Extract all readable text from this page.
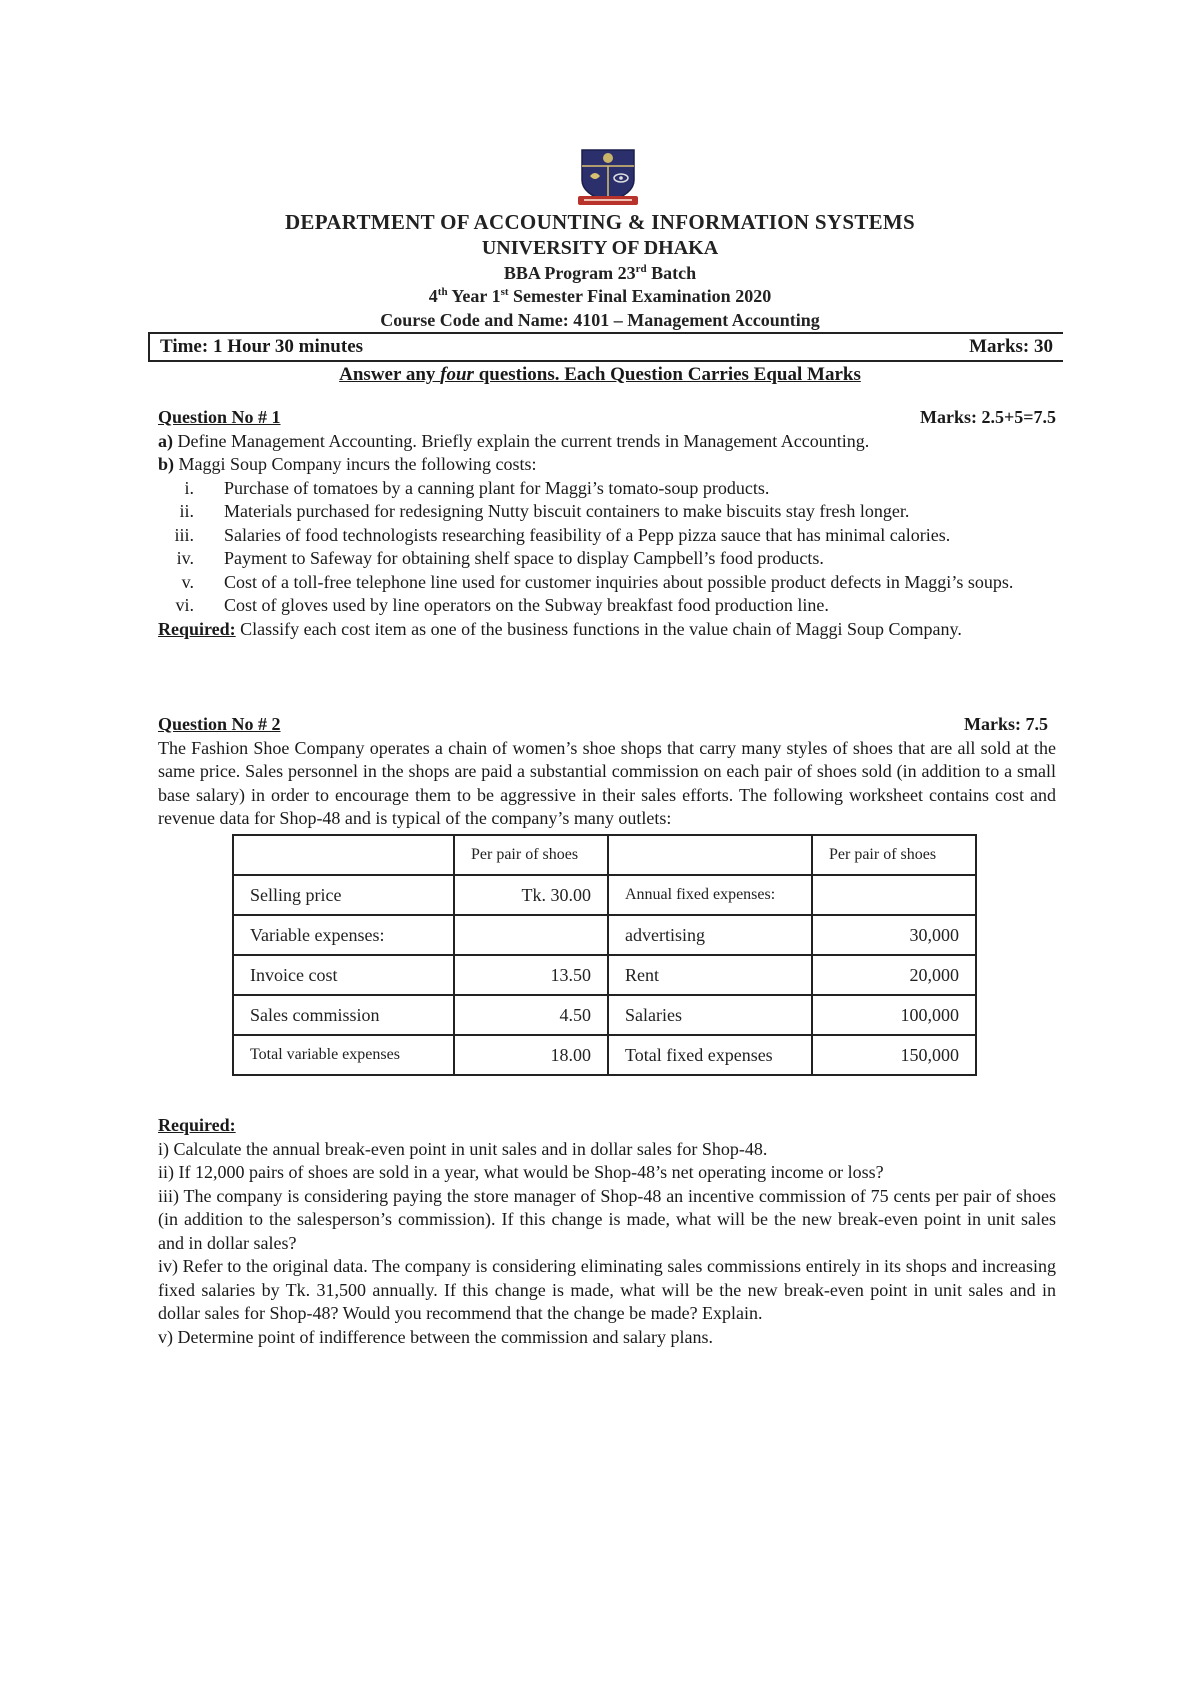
DEPARTMENT OF ACCOUNTING & INFORMATION SYSTEMS
UNIVERSITY OF DHAKA
BBA Program 23rd Batch
4th Year 1st Semester Final Examination 2020
Course Code and Name: 4101 – Management Accounting
Time: 1 Hour 30 minutes	Marks: 30
Answer any four questions. Each Question Carries Equal Marks
Question No # 1	Marks: 2.5+5=7.5
a) Define Management Accounting. Briefly explain the current trends in Management Accounting.
b) Maggi Soup Company incurs the following costs:
i. Purchase of tomatoes by a canning plant for Maggi’s tomato-soup products.
ii. Materials purchased for redesigning Nutty biscuit containers to make biscuits stay fresh longer.
iii. Salaries of food technologists researching feasibility of a Pepp pizza sauce that has minimal calories.
iv. Payment to Safeway for obtaining shelf space to display Campbell’s food products.
v. Cost of a toll-free telephone line used for customer inquiries about possible product defects in Maggi’s soups.
vi. Cost of gloves used by line operators on the Subway breakfast food production line.
Required: Classify each cost item as one of the business functions in the value chain of Maggi Soup Company.
Question No # 2	Marks: 7.5
The Fashion Shoe Company operates a chain of women’s shoe shops that carry many styles of shoes that are all sold at the same price. Sales personnel in the shops are paid a substantial commission on each pair of shoes sold (in addition to a small base salary) in order to encourage them to be aggressive in their sales efforts. The following worksheet contains cost and revenue data for Shop-48 and is typical of the company’s many outlets:
	Per pair of shoes		Per pair of shoes
Selling price	Tk. 30.00	Annual fixed expenses:	
Variable expenses:		advertising	30,000
Invoice cost	13.50	Rent	20,000
Sales commission	4.50	Salaries	100,000
Total variable expenses	18.00	Total fixed expenses	150,000
Required:
i) Calculate the annual break-even point in unit sales and in dollar sales for Shop-48.
ii) If 12,000 pairs of shoes are sold in a year, what would be Shop-48’s net operating income or loss?
iii) The company is considering paying the store manager of Shop-48 an incentive commission of 75 cents per pair of shoes (in addition to the salesperson’s commission). If this change is made, what will be the new break-even point in unit sales and in dollar sales?
iv) Refer to the original data. The company is considering eliminating sales commissions entirely in its shops and increasing fixed salaries by Tk. 31,500 annually. If this change is made, what will be the new break-even point in unit sales and in dollar sales for Shop-48? Would you recommend that the change be made? Explain.
v) Determine point of indifference between the commission and salary plans.
